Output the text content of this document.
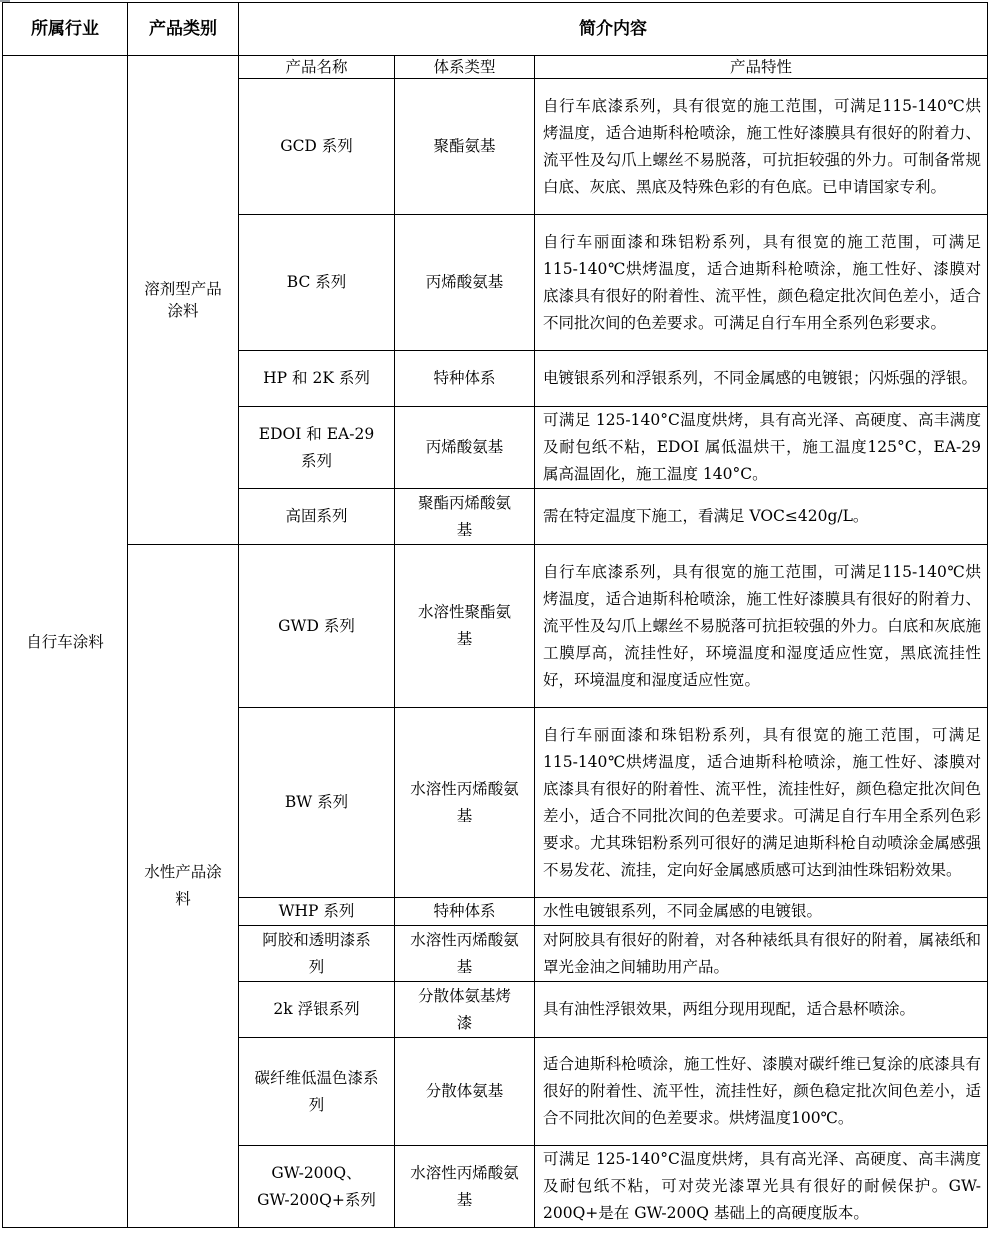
所属行业	产品类别	简介内容		
自行车涂料	溶剂型产品涂料	产品名称	体系类型	产品特性
		GCD 系列	聚酯氨基	自行车底漆系列，具有很宽的施工范围，可满足115-140℃烘烤温度，适合迪斯科枪喷涂，施工性好漆膜具有很好的附着力、流平性及勾爪上螺丝不易脱落，可抗拒较强的外力。可制备常规白底、灰底、黑底及特殊色彩的有色底。已申请国家专利。
		BC 系列	丙烯酸氨基	自行车丽面漆和珠铝粉系列，具有很宽的施工范围，可满足 115-140℃烘烤温度，适合迪斯科枪喷涂，施工性好、漆膜对底漆具有很好的附着性、流平性，颜色稳定批次间色差小，适合不同批次间的色差要求。可满足自行车用全系列色彩要求。
		HP 和 2K 系列	特种体系	电镀银系列和浮银系列，不同金属感的电镀银；闪烁强的浮银。

		EDOI 和 EA-29 系列	丙烯酸氨基	可满足 125-140°C温度烘烤，具有高光泽、高硬度、高丰满度及耐包纸不粘，EDOI 属低温烘干，施工温度125°C，EA-29 属高温固化，施工温度 140°C。
		高固系列	聚酯丙烯酸氨基	需在特定温度下施工，看满足 VOC≤420g/L。

	水性产品涂料	GWD 系列	水溶性聚酯氨基	自行车底漆系列，具有很宽的施工范围，可满足115-140℃烘烤温度，适合迪斯科枪喷涂，施工性好漆膜具有很好的附着力、流平性及勾爪上螺丝不易脱落可抗拒较强的外力。白底和灰底施工膜厚高，流挂性好，环境温度和湿度适应性宽，黑底流挂性好，环境温度和湿度适应性宽。
		BW 系列	水溶性丙烯酸氨基	自行车丽面漆和珠铝粉系列，具有很宽的施工范围，可满足 115-140℃烘烤温度，适合迪斯科枪喷涂，施工性好、漆膜对底漆具有很好的附着性、流平性，流挂性好，颜色稳定批次间色差小，适合不同批次间的色差要求。可满足自行车用全系列色彩要求。尤其珠铝粉系列可很好的满足迪斯科枪自动喷涂金属感强不易发花、流挂，定向好金属感质感可达到油性珠铝粉效果。
		WHP 系列	特种体系	水性电镀银系列，不同金属感的电镀银。

		阿胶和透明漆系列	水溶性丙烯酸氨基	对阿胶具有很好的附着，对各种裱纸具有很好的附着，属裱纸和罩光金油之间辅助用产品。
		2k 浮银系列	分散体氨基烤漆	具有油性浮银效果，两组分现用现配，适合悬杯喷涂。

		碳纤维低温色漆系列	分散体氨基	适合迪斯科枪喷涂，施工性好、漆膜对碳纤维已复涂的底漆具有很好的附着性、流平性，流挂性好，颜色稳定批次间色差小，适合不同批次间的色差要求。烘烤温度100℃。

		GW-200Q、GW-200Q+系列	水溶性丙烯酸氨基	可满足 125-140°C温度烘烤，具有高光泽、高硬度、高丰满度及耐包纸不粘，可对荧光漆罩光具有很好的耐候保护。GW-200Q+是在 GW-200Q 基础上的高硬度版本。
